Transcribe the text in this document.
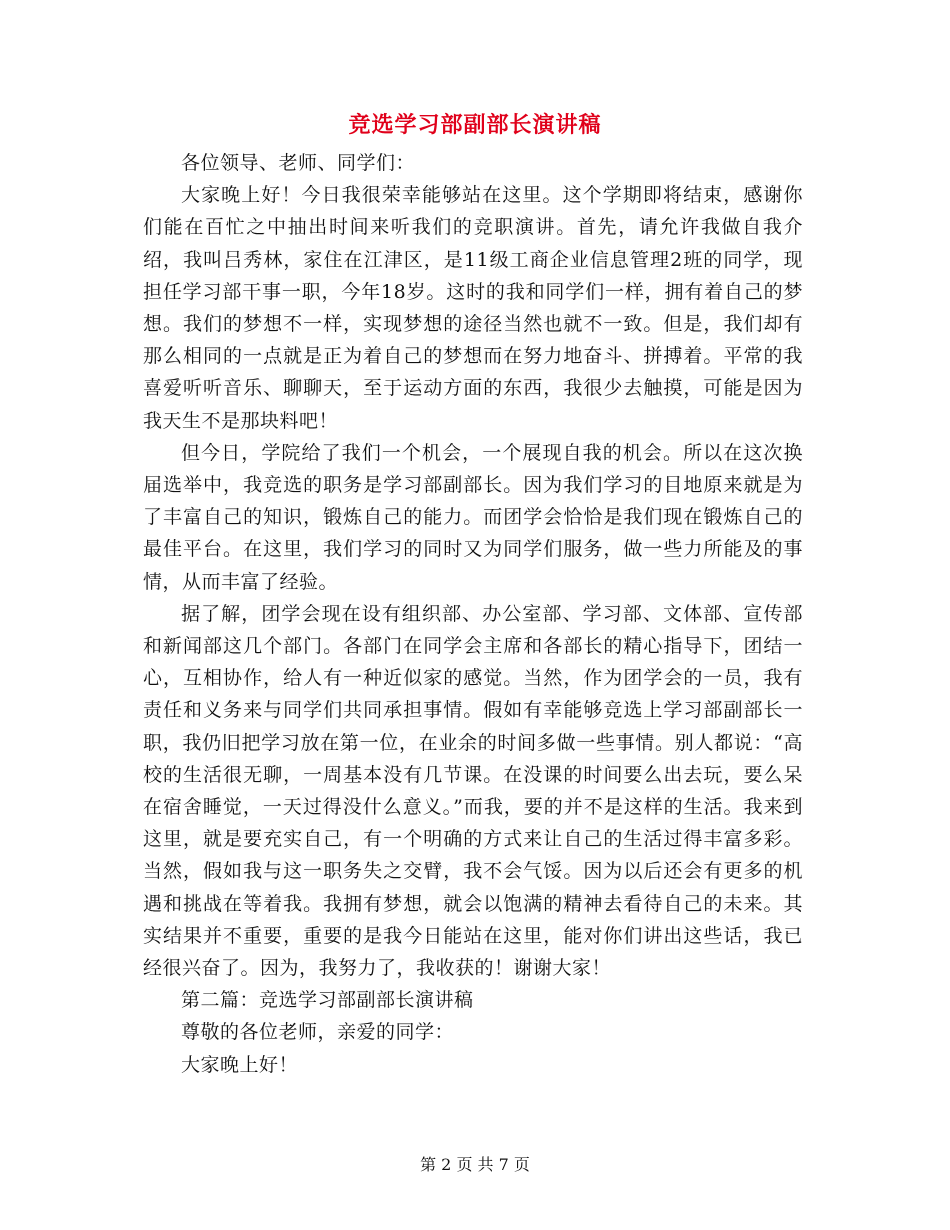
竞选学习部副部长演讲稿

各位领导、老师、同学们：

大家晚上好！今日我很荣幸能够站在这里。这个学期即将结束，感谢你们能在百忙之中抽出时间来听我们的竞职演讲。首先，请允许我做自我介绍，我叫吕秀林，家住在江津区，是11级工商企业信息管理2班的同学，现担任学习部干事一职，今年18岁。这时的我和同学们一样，拥有着自己的梦想。我们的梦想不一样，实现梦想的途径当然也就不一致。但是，我们却有那么相同的一点就是正为着自己的梦想而在努力地奋斗、拼搏着。平常的我喜爱听听音乐、聊聊天，至于运动方面的东西，我很少去触摸，可能是因为我天生不是那块料吧！

但今日，学院给了我们一个机会，一个展现自我的机会。所以在这次换届选举中，我竞选的职务是学习部副部长。因为我们学习的目地原来就是为了丰富自己的知识，锻炼自己的能力。而团学会恰恰是我们现在锻炼自己的最佳平台。在这里，我们学习的同时又为同学们服务，做一些力所能及的事情，从而丰富了经验。

据了解，团学会现在设有组织部、办公室部、学习部、文体部、宣传部和新闻部这几个部门。各部门在同学会主席和各部长的精心指导下，团结一心，互相协作，给人有一种近似家的感觉。当然，作为团学会的一员，我有责任和义务来与同学们共同承担事情。假如有幸能够竞选上学习部副部长一职，我仍旧把学习放在第一位，在业余的时间多做一些事情。别人都说：“高校的生活很无聊，一周基本没有几节课。在没课的时间要么出去玩，要么呆在宿舍睡觉，一天过得没什么意义。”而我，要的并不是这样的生活。我来到这里，就是要充实自己，有一个明确的方式来让自己的生活过得丰富多彩。当然，假如我与这一职务失之交臂，我不会气馁。因为以后还会有更多的机遇和挑战在等着我。我拥有梦想，就会以饱满的精神去看待自己的未来。其实结果并不重要，重要的是我今日能站在这里，能对你们讲出这些话，我已经很兴奋了。因为，我努力了，我收获的！谢谢大家！

第二篇：竞选学习部副部长演讲稿

尊敬的各位老师，亲爱的同学：

大家晚上好！

第 2 页 共 7 页
